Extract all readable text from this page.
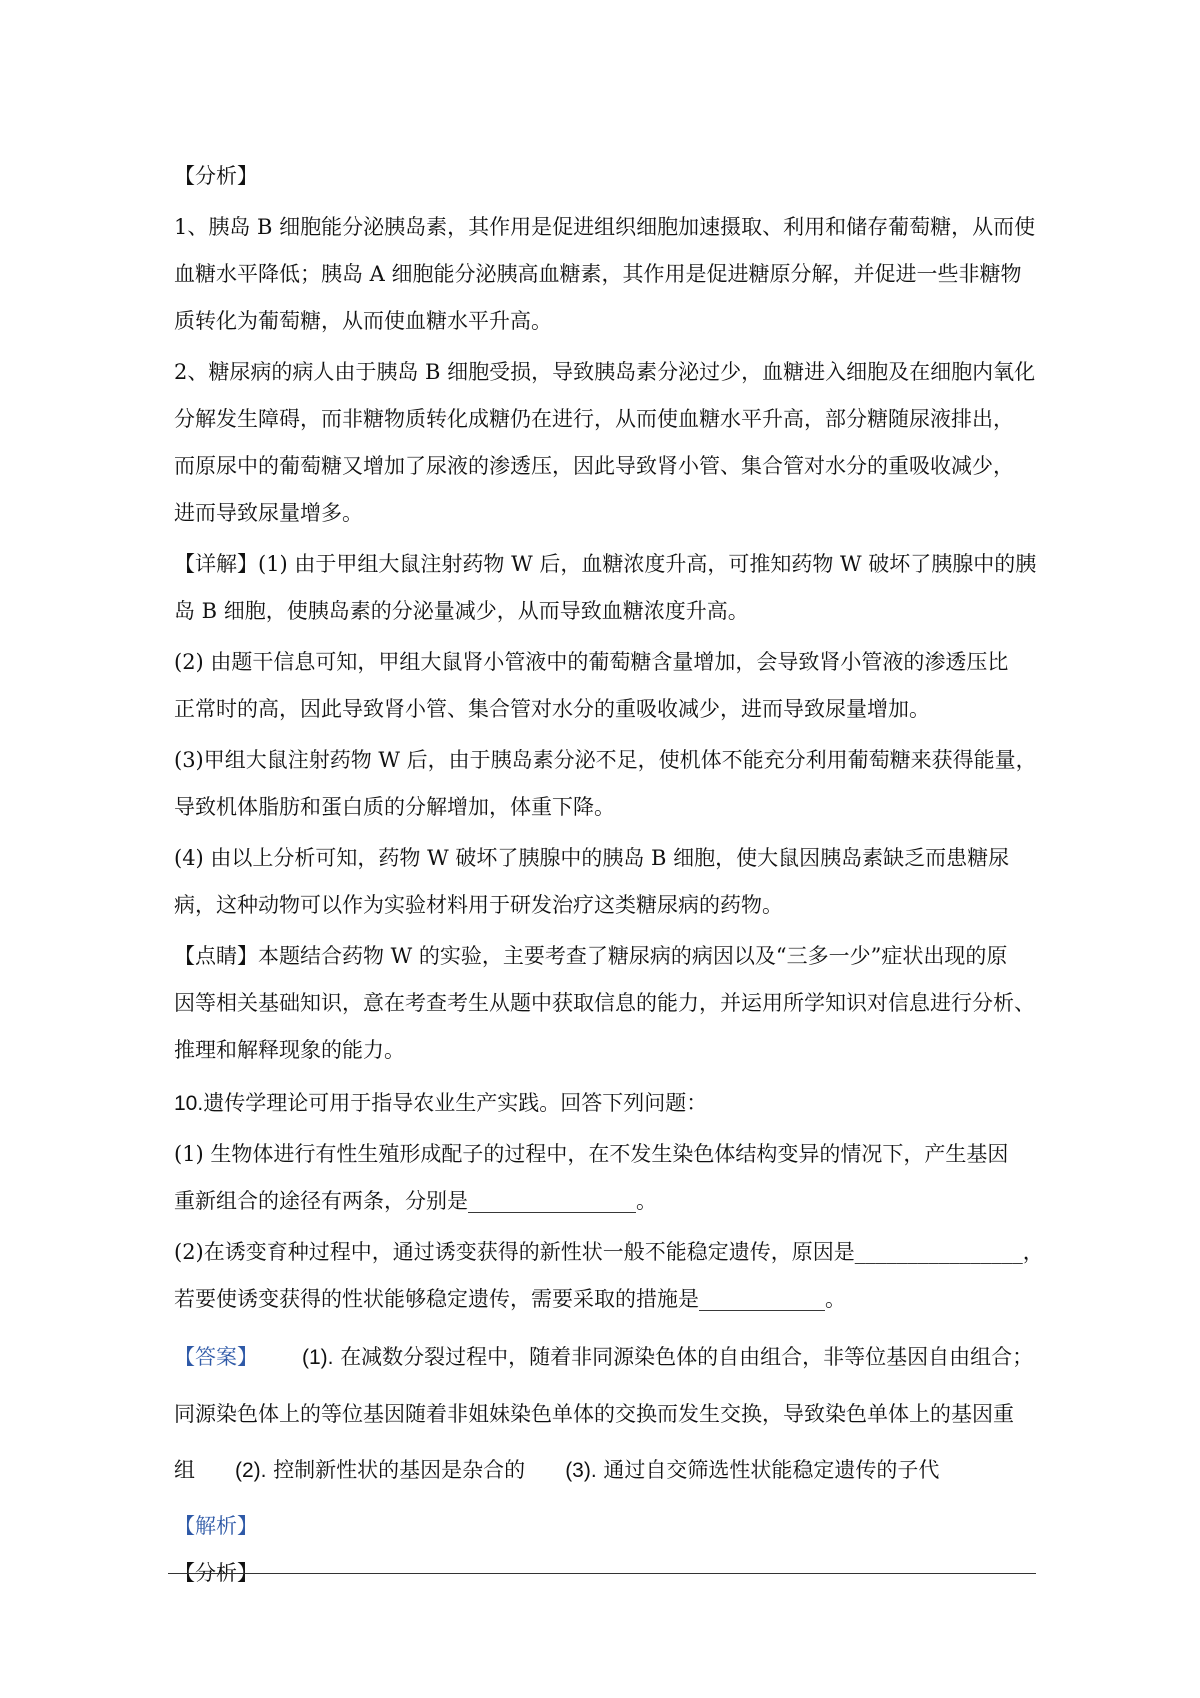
【分析】
1、胰岛 B 细胞能分泌胰岛素，其作用是促进组织细胞加速摄取、利用和储存葡萄糖，从而使
血糖水平降低；胰岛 A 细胞能分泌胰高血糖素，其作用是促进糖原分解，并促进一些非糖物
质转化为葡萄糖，从而使血糖水平升高。
2、糖尿病的病人由于胰岛 B 细胞受损，导致胰岛素分泌过少，血糖进入细胞及在细胞内氧化
分解发生障碍，而非糖物质转化成糖仍在进行，从而使血糖水平升高，部分糖随尿液排出，
而原尿中的葡萄糖又增加了尿液的渗透压，因此导致肾小管、集合管对水分的重吸收减少，
进而导致尿量增多。
【详解】(1) 由于甲组大鼠注射药物 W 后，血糖浓度升高，可推知药物 W 破坏了胰腺中的胰
岛 B 细胞，使胰岛素的分泌量减少，从而导致血糖浓度升高。
(2) 由题干信息可知，甲组大鼠肾小管液中的葡萄糖含量增加，会导致肾小管液的渗透压比
正常时的高，因此导致肾小管、集合管对水分的重吸收减少，进而导致尿量增加。
(3)甲组大鼠注射药物 W 后，由于胰岛素分泌不足，使机体不能充分利用葡萄糖来获得能量，
导致机体脂肪和蛋白质的分解增加，体重下降。
(4) 由以上分析可知，药物 W 破坏了胰腺中的胰岛 B 细胞，使大鼠因胰岛素缺乏而患糖尿
病，这种动物可以作为实验材料用于研发治疗这类糖尿病的药物。
【点睛】本题结合药物 W 的实验，主要考查了糖尿病的病因以及“三多一少”症状出现的原
因等相关基础知识，意在考查考生从题中获取信息的能力，并运用所学知识对信息进行分析、
推理和解释现象的能力。
10.遗传学理论可用于指导农业生产实践。回答下列问题：
(1) 生物体进行有性生殖形成配子的过程中，在不发生染色体结构变异的情况下，产生基因
重新组合的途径有两条，分别是________________。
(2)在诱变育种过程中，通过诱变获得的新性状一般不能稳定遗传，原因是________________，
若要使诱变获得的性状能够稳定遗传，需要采取的措施是____________。
【答案】 (1). 在减数分裂过程中，随着非同源染色体的自由组合，非等位基因自由组合；
同源染色体上的等位基因随着非姐妹染色单体的交换而发生交换，导致染色单体上的基因重
组 (2). 控制新性状的基因是杂合的 (3). 通过自交筛选性状能稳定遗传的子代
【解析】
【分析】
